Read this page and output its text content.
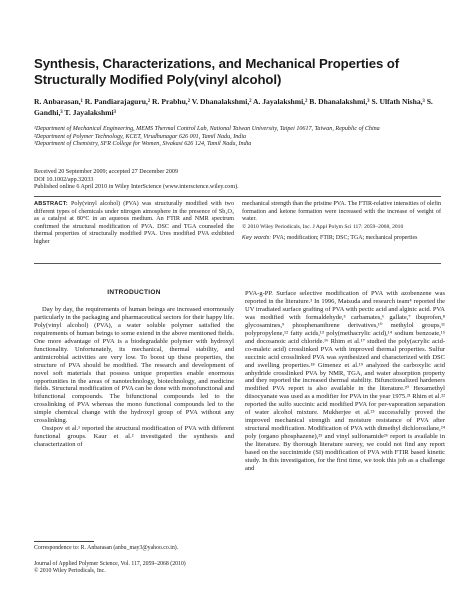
Synthesis, Characterizations, and Mechanical Properties of Structurally Modified Poly(vinyl alcohol)
R. Anbarasan,¹ R. Pandiarajaguru,² R. Prabhu,² V. Dhanalakshmi,² A. Jayalakshmi,² B. Dhanalakshmi,³ S. Ulfath Nisha,³ S. Gandhi,³ T. Jayalakshmi³
¹Department of Mechanical Engineering, MEMS Thermal Control Lab, National Taiwan University, Taipei 10617, Taiwan, Republic of China
²Department of Polymer Technology, KCET, Virudhunagar 626 001, Tamil Nadu, India
³Department of Chemistry, SFR College for Women, Sivakasi 626 124, Tamil Nadu, India
Received 20 September 2009; accepted 27 December 2009
DOI 10.1002/app.32033
Published online 6 April 2010 in Wiley InterScience (www.interscience.wiley.com).
ABSTRACT: Poly(vinyl alcohol) (PVA) was structurally modified with two different types of chemicals under nitrogen atmosphere in the presence of Sb₂O₃ as a catalyst at 80°C in an aqueous medium. An FTIR and NMR spectrum confirmed the structural modification of PVA. DSC and TGA counseled the thermal properties of structurally modified PVA. Ures modified PVA exhibited higher
mechanical strength than the pristine PVA. The FTIR-relative intensities of olefin formation and ketone formation were increased with the increase of weight of water.
© 2010 Wiley Periodicals, Inc. J Appl Polym Sci 117: 2059–2068, 2010
Key words: PVA; modification; FTIR; DSC; TGA; mechanical properties
INTRODUCTION

Day by day, the requirements of human beings are increased enormously particularly in the packaging and pharmaceutical sectors for their happy life. Poly(vinyl alcohol) (PVA), a water soluble polymer satisfied the requirements of human beings to some extend in the above mentioned fields. One more advantage of PVA is a biodegradable polymer with hydroxyl functionality. Unfortunately, its mechanical, thermal stability, and antimicrobial activities are very low. To boost up these properties, the structure of PVA should be modified. The research and development of novel soft materials that possess unique properties enable enormous opportunities in the areas of nanotechnology, biotechnology, and medicine fields. Structural modification of PVA can be done with monofunctional and bifunctional compounds. The bifunctional compounds led to the crosslinking of PVA whereas the mono functional compounds led to the simple chemical change with the hydroxyl group of PVA without any crosslinking.

Ossipov et al.¹ reported the structural modification of PVA with different functional groups. Kaur et al.² investigated the synthesis and characterization of

PVA-g-PP. Surface selective modification of PVA with azobenzene was reported in the literature.³ In 1996, Matsuda and research team⁴ reported the UV irradiated surface grafting of PVA with pectic acid and alginic acid. PVA was modified with formaldehyde,⁵ carbamates,⁶ gallate,⁷ ibuprofen,⁸ glycosamines,⁹ phosphenanthrene derivatives,¹⁰ methylol groups,¹¹ polypropylene,¹² fatty acids,¹³ poly(methacrylic acid),¹⁴ sodium benzoate,¹⁵ and docosanoic acid chloride.¹⁶ Rhim et al.¹⁷ studied the poly(acrylic acid-co-maleic acid) crosslinked PVA with improved thermal properties. Sulfur succinic acid crosslinked PVA was synthesized and characterized with DSC and swelling properties.¹⁸ Gimenez et al.¹⁹ analyzed the carboxylic acid anhydride crosslinked PVA by NMR, TGA, and water absorption property and they reported the increased thermal stability. Bifunctionalized hardeners modified PVA report is also available in the literature.²⁰ Hexamethyl diisocyanate was used as a modifier for PVA in the year 1975.²¹ Rhim et al.²² reported the sulfo succinic acid modified PVA for per-vaporation separation of water alcohol mixture. Mukherjee et al.²³ successfully proved the improved mechanical strength and moisture resistance of PVA after structural modification. Modification of PVA with dimethyl dichlorosilane,²⁴ poly (organo phosphazene),²⁵ and vinyl sulfonamide²⁶ report is available in the literature. By thorough literature survey, we could not find any report based on the succinimide (SI) modification of PVA with FTIR based kinetic study. In this investigation, for the first time, we took this job as a challenge and

Correspondence to: R. Anbarasan (anbu_may3@yahoo.co.in).
Journal of Applied Polymer Science, Vol. 117, 2059–2068 (2010)
© 2010 Wiley Periodicals, Inc.
